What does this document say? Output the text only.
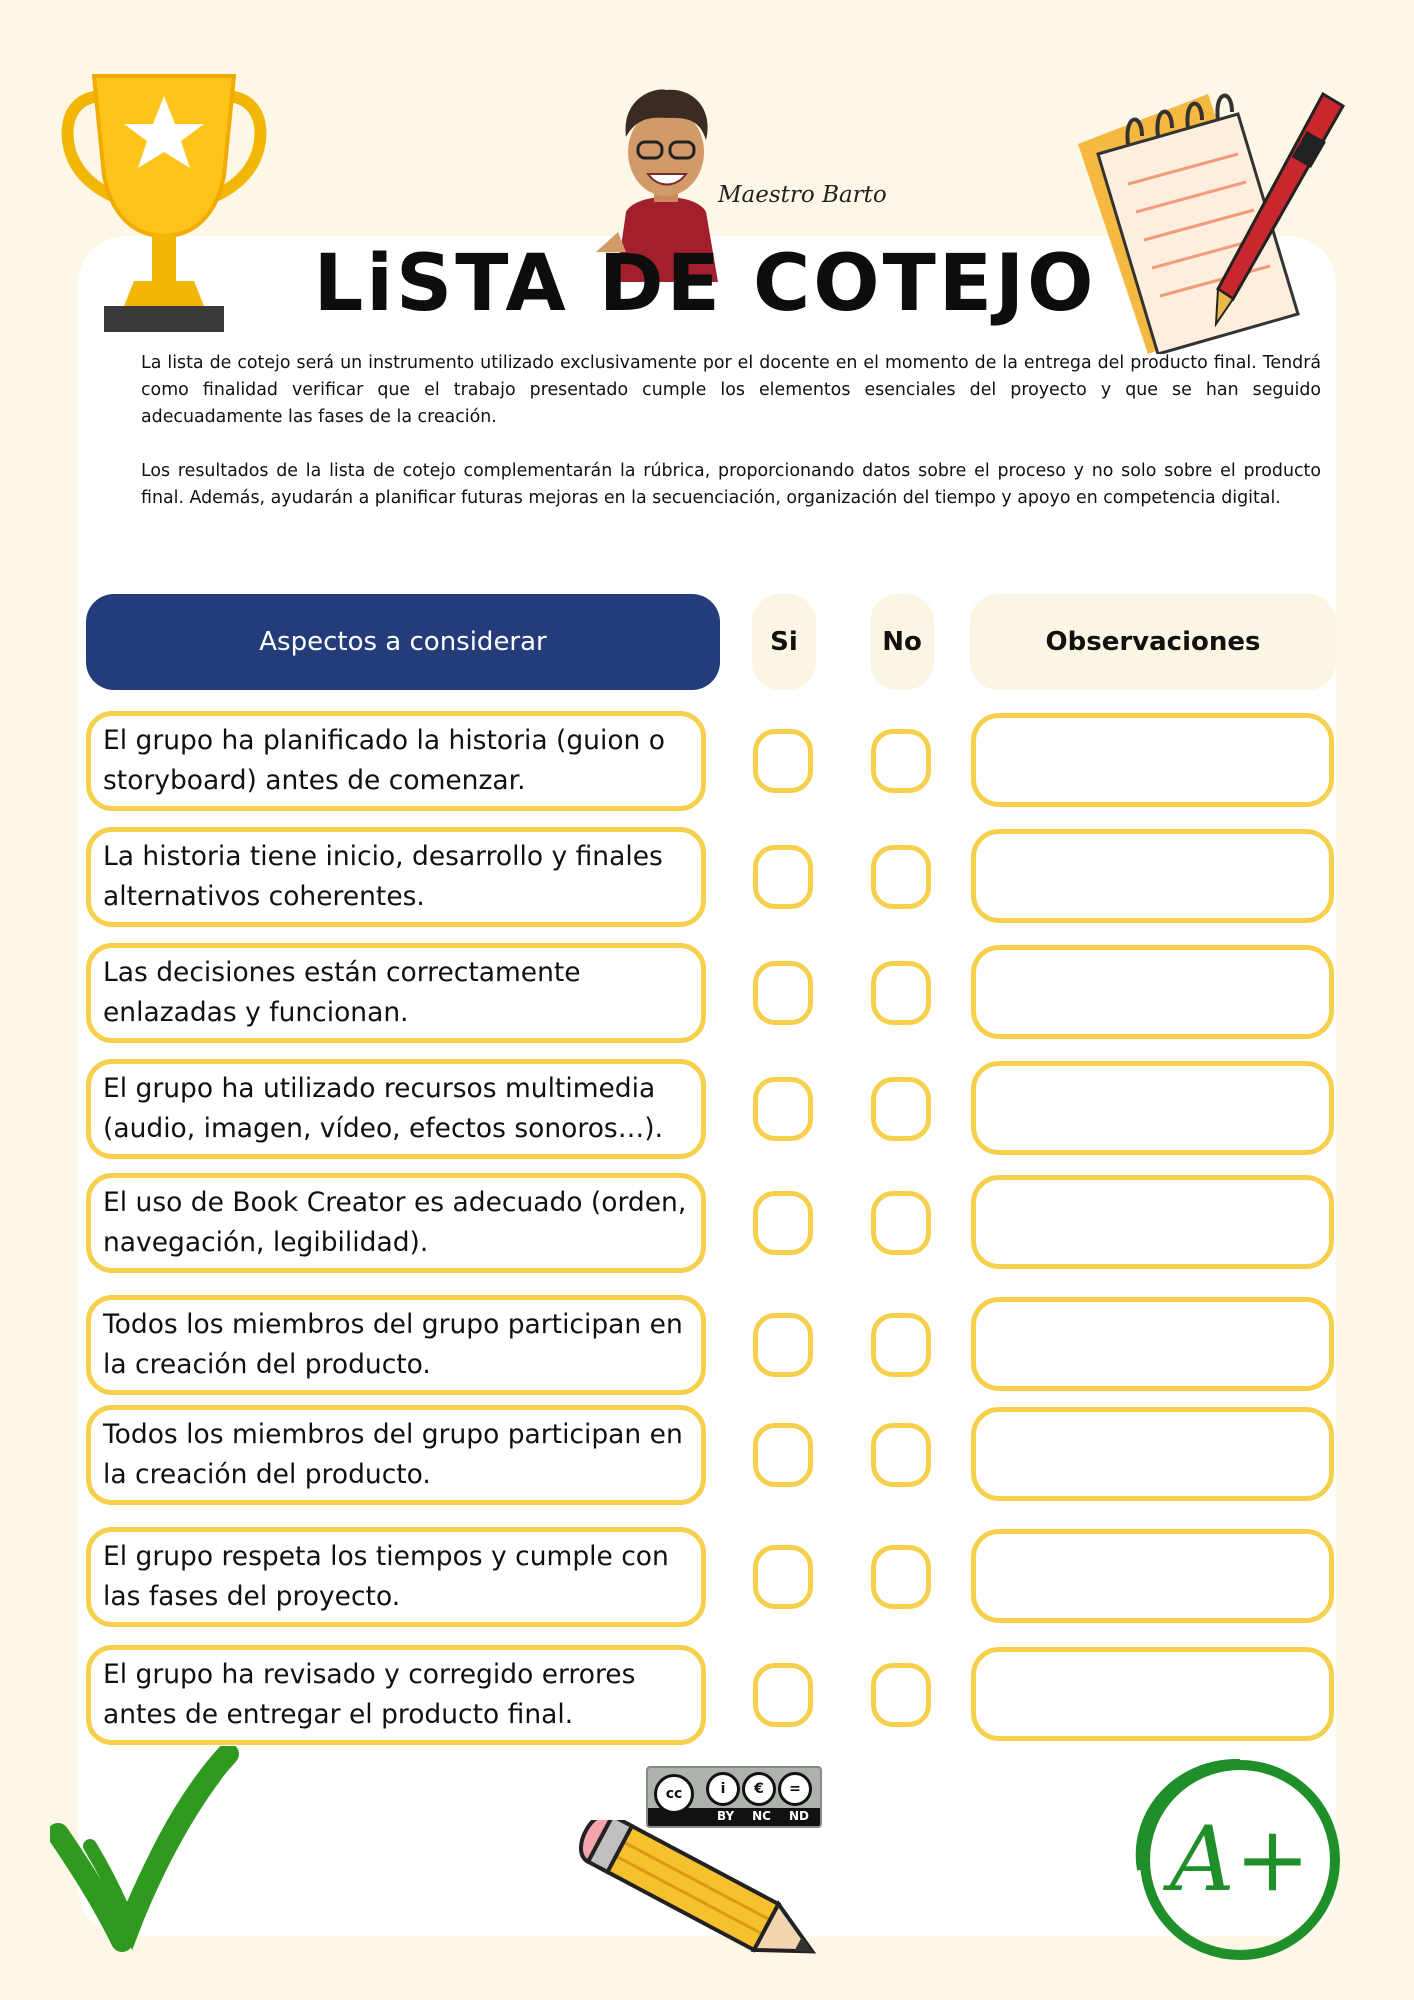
Maestro Barto
LiSTA DE COTEJO

La lista de cotejo será un instrumento utilizado exclusivamente por el docente en el momento de la entrega del producto final. Tendrá como finalidad verificar que el trabajo presentado cumple los elementos esenciales del proyecto y que se han seguido adecuadamente las fases de la creación.

Los resultados de la lista de cotejo complementarán la rúbrica, proporcionando datos sobre el proceso y no solo sobre el producto final. Además, ayudarán a planificar futuras mejoras en la secuenciación, organización del tiempo y apoyo en competencia digital.

Aspectos a considerar	Si	No	Observaciones
El grupo ha planificado la historia (guion o storyboard) antes de comenzar.
La historia tiene inicio, desarrollo y finales alternativos coherentes.
Las decisiones están correctamente enlazadas y funcionan.
El grupo ha utilizado recursos multimedia (audio, imagen, vídeo, efectos sonoros…).
El uso de Book Creator es adecuado (orden, navegación, legibilidad).
Todos los miembros del grupo participan en la creación del producto.
Todos los miembros del grupo participan en la creación del producto.
El grupo respeta los tiempos y cumple con las fases del proyecto.
El grupo ha revisado y corregido errores antes de entregar el producto final.
cc	i	€	=
BY NC ND	A+
